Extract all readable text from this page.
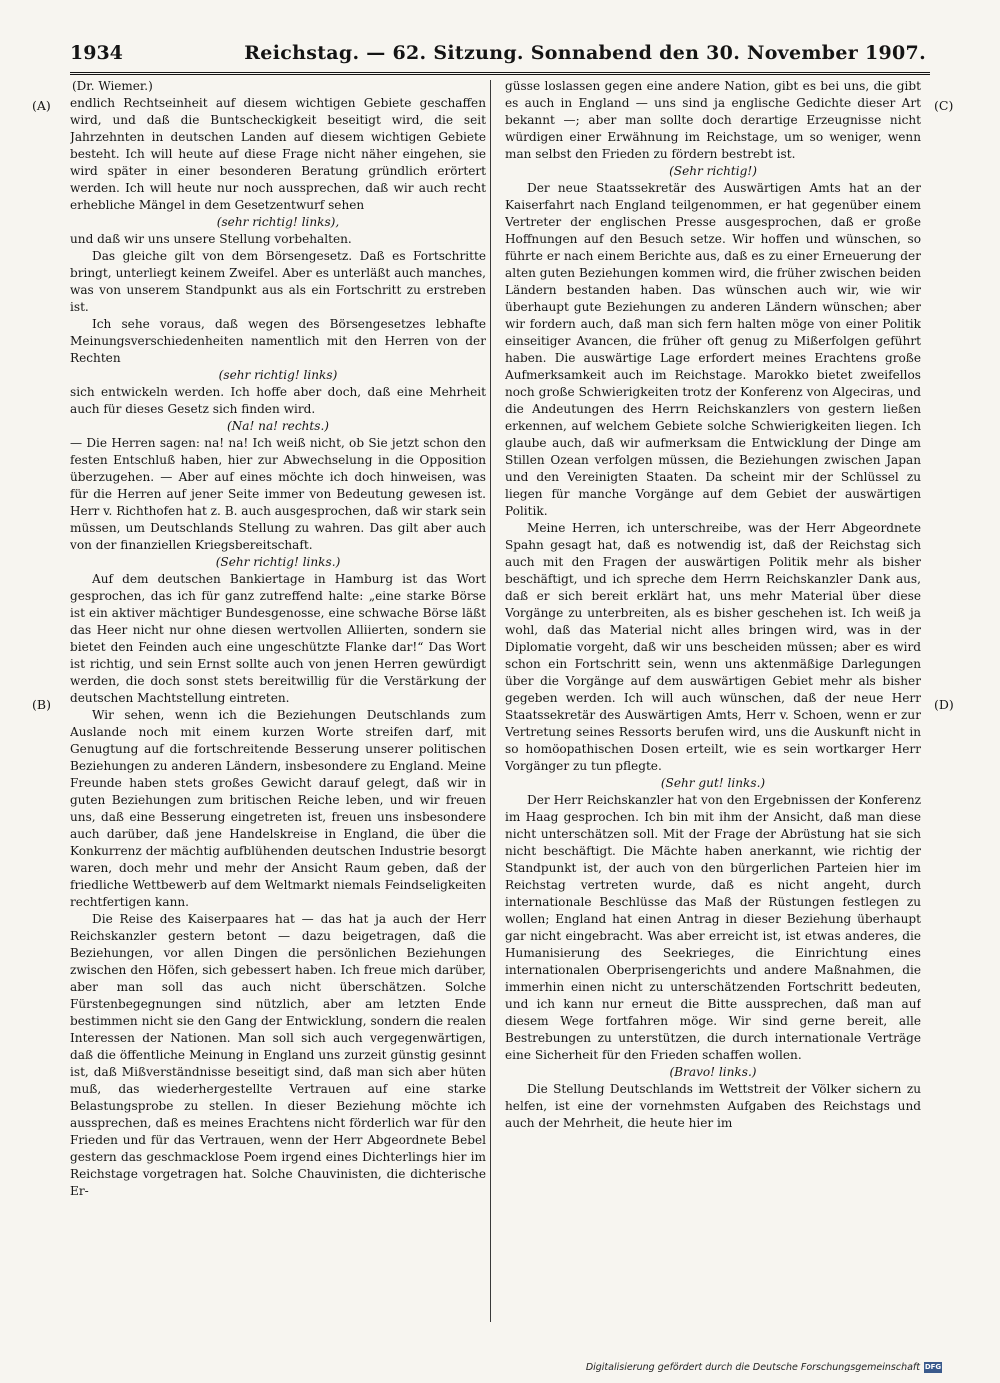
1934	Reichstag. — 62. Sitzung. Sonnabend den 30. November 1907.
(A)
(B)
(C)
(D)

(Dr. Wiemer.)

endlich Rechtseinheit auf diesem wichtigen Gebiete geschaffen wird, und daß die Buntscheckigkeit beseitigt wird, die seit Jahrzehnten in deutschen Landen auf diesem wichtigen Gebiete besteht. Ich will heute auf diese Frage nicht näher eingehen, sie wird später in einer besonderen Beratung gründlich erörtert werden. Ich will heute nur noch aussprechen, daß wir auch recht erhebliche Mängel in dem Gesetzentwurf sehen

(sehr richtig! links),

und daß wir uns unsere Stellung vorbehalten.

Das gleiche gilt von dem Börsengesetz. Daß es Fortschritte bringt, unterliegt keinem Zweifel. Aber es unterläßt auch manches, was von unserem Standpunkt aus als ein Fortschritt zu erstreben ist.

Ich sehe voraus, daß wegen des Börsengesetzes lebhafte Meinungsverschiedenheiten namentlich mit den Herren von der Rechten

(sehr richtig! links)

sich entwickeln werden. Ich hoffe aber doch, daß eine Mehrheit auch für dieses Gesetz sich finden wird.

(Na! na! rechts.)

— Die Herren sagen: na! na! Ich weiß nicht, ob Sie jetzt schon den festen Entschluß haben, hier zur Abwechselung in die Opposition überzugehen. — Aber auf eines möchte ich doch hinweisen, was für die Herren auf jener Seite immer von Bedeutung gewesen ist. Herr v. Richthofen hat z. B. auch ausgesprochen, daß wir stark sein müssen, um Deutschlands Stellung zu wahren. Das gilt aber auch von der finanziellen Kriegsbereitschaft.

(Sehr richtig! links.)

Auf dem deutschen Bankiertage in Hamburg ist das Wort gesprochen, das ich für ganz zutreffend halte: „eine starke Börse ist ein aktiver mächtiger Bundesgenosse, eine schwache Börse läßt das Heer nicht nur ohne diesen wertvollen Alliierten, sondern sie bietet den Feinden auch eine ungeschützte Flanke dar!“ Das Wort ist richtig, und sein Ernst sollte auch von jenen Herren gewürdigt werden, die doch sonst stets bereitwillig für die Verstärkung der deutschen Machtstellung eintreten.

Wir sehen, wenn ich die Beziehungen Deutschlands zum Auslande noch mit einem kurzen Worte streifen darf, mit Genugtung auf die fortschreitende Besserung unserer politischen Beziehungen zu anderen Ländern, insbesondere zu England. Meine Freunde haben stets großes Gewicht darauf gelegt, daß wir in guten Beziehungen zum britischen Reiche leben, und wir freuen uns, daß eine Besserung eingetreten ist, freuen uns insbesondere auch darüber, daß jene Handelskreise in England, die über die Konkurrenz der mächtig aufblühenden deutschen Industrie besorgt waren, doch mehr und mehr der Ansicht Raum geben, daß der friedliche Wettbewerb auf dem Weltmarkt niemals Feindseligkeiten rechtfertigen kann.

Die Reise des Kaiserpaares hat — das hat ja auch der Herr Reichskanzler gestern betont — dazu beigetragen, daß die Beziehungen, vor allen Dingen die persönlichen Beziehungen zwischen den Höfen, sich gebessert haben. Ich freue mich darüber, aber man soll das auch nicht überschätzen. Solche Fürstenbegegnungen sind nützlich, aber am letzten Ende bestimmen nicht sie den Gang der Entwicklung, sondern die realen Interessen der Nationen. Man soll sich auch vergegenwärtigen, daß die öffentliche Meinung in England uns zurzeit günstig gesinnt ist, daß Mißverständnisse beseitigt sind, daß man sich aber hüten muß, das wiederhergestellte Vertrauen auf eine starke Belastungsprobe zu stellen. In dieser Beziehung möchte ich aussprechen, daß es meines Erachtens nicht förderlich war für den Frieden und für das Vertrauen, wenn der Herr Abgeordnete Bebel gestern das geschmacklose Poem irgend eines Dichterlings hier im Reichstage vorgetragen hat. Solche Chauvinisten, die dichterische Er-

güsse loslassen gegen eine andere Nation, gibt es bei uns, die gibt es auch in England — uns sind ja englische Gedichte dieser Art bekannt —; aber man sollte doch derartige Erzeugnisse nicht würdigen einer Erwähnung im Reichstage, um so weniger, wenn man selbst den Frieden zu fördern bestrebt ist.

(Sehr richtig!)

Der neue Staatssekretär des Auswärtigen Amts hat an der Kaiserfahrt nach England teilgenommen, er hat gegenüber einem Vertreter der englischen Presse ausgesprochen, daß er große Hoffnungen auf den Besuch setze. Wir hoffen und wünschen, so führte er nach einem Berichte aus, daß es zu einer Erneuerung der alten guten Beziehungen kommen wird, die früher zwischen beiden Ländern bestanden haben. Das wünschen auch wir, wie wir überhaupt gute Beziehungen zu anderen Ländern wünschen; aber wir fordern auch, daß man sich fern halten möge von einer Politik einseitiger Avancen, die früher oft genug zu Mißerfolgen geführt haben. Die auswärtige Lage erfordert meines Erachtens große Aufmerksamkeit auch im Reichstage. Marokko bietet zweifellos noch große Schwierigkeiten trotz der Konferenz von Algeciras, und die Andeutungen des Herrn Reichskanzlers von gestern ließen erkennen, auf welchem Gebiete solche Schwierigkeiten liegen. Ich glaube auch, daß wir aufmerksam die Entwicklung der Dinge am Stillen Ozean verfolgen müssen, die Beziehungen zwischen Japan und den Vereinigten Staaten. Da scheint mir der Schlüssel zu liegen für manche Vorgänge auf dem Gebiet der auswärtigen Politik.

Meine Herren, ich unterschreibe, was der Herr Abgeordnete Spahn gesagt hat, daß es notwendig ist, daß der Reichstag sich auch mit den Fragen der auswärtigen Politik mehr als bisher beschäftigt, und ich spreche dem Herrn Reichskanzler Dank aus, daß er sich bereit erklärt hat, uns mehr Material über diese Vorgänge zu unterbreiten, als es bisher geschehen ist. Ich weiß ja wohl, daß das Material nicht alles bringen wird, was in der Diplomatie vorgeht, daß wir uns bescheiden müssen; aber es wird schon ein Fortschritt sein, wenn uns aktenmäßige Darlegungen über die Vorgänge auf dem auswärtigen Gebiet mehr als bisher gegeben werden. Ich will auch wünschen, daß der neue Herr Staatssekretär des Auswärtigen Amts, Herr v. Schoen, wenn er zur Vertretung seines Ressorts berufen wird, uns die Auskunft nicht in so homöopathischen Dosen erteilt, wie es sein wortkarger Herr Vorgänger zu tun pflegte.

(Sehr gut! links.)

Der Herr Reichskanzler hat von den Ergebnissen der Konferenz im Haag gesprochen. Ich bin mit ihm der Ansicht, daß man diese nicht unterschätzen soll. Mit der Frage der Abrüstung hat sie sich nicht beschäftigt. Die Mächte haben anerkannt, wie richtig der Standpunkt ist, der auch von den bürgerlichen Parteien hier im Reichstag vertreten wurde, daß es nicht angeht, durch internationale Beschlüsse das Maß der Rüstungen festlegen zu wollen; England hat einen Antrag in dieser Beziehung überhaupt gar nicht eingebracht. Was aber erreicht ist, ist etwas anderes, die Humanisierung des Seekrieges, die Einrichtung eines internationalen Oberprisengerichts und andere Maßnahmen, die immerhin einen nicht zu unterschätzenden Fortschritt bedeuten, und ich kann nur erneut die Bitte aussprechen, daß man auf diesem Wege fortfahren möge. Wir sind gerne bereit, alle Bestrebungen zu unterstützen, die durch internationale Verträge eine Sicherheit für den Frieden schaffen wollen.

(Bravo! links.)

Die Stellung Deutschlands im Wettstreit der Völker sichern zu helfen, ist eine der vornehmsten Aufgaben des Reichstags und auch der Mehrheit, die heute hier im

Digitalisierung gefördert durch die Deutsche Forschungsgemeinschaft DFG
